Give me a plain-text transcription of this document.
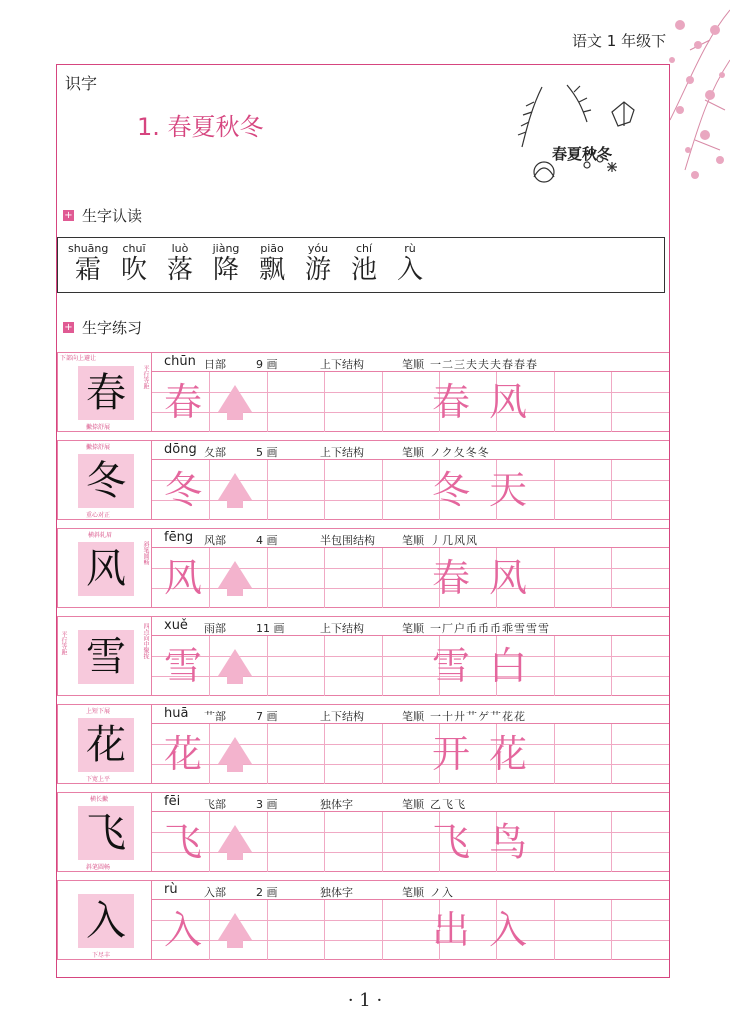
语文 1 年级下
识字
1. 春夏秋冬
春夏秋冬
+ 生字认读
shuāng
霜
chuī
吹
luò
落
jiàng
降
piāo
飘
yóu
游
chí
池
rù
入
+ 生字练习
下部向上避让
平行等距
撇捺舒展
春
chūn 日部	9 画	上下结构	笔顺 一二三夫夫夫春春春
春	春 风
撇捺舒展
重心对正
冬
dōng 夂部	5 画	上下结构	笔顺 ノク夂冬冬
冬	冬 天
横斜轧眉
斜笔圆畅
风
fēng 风部	4 画	半包围结构 笔顺 丿几风风
风	春 风
平行等距	四点向中聚拢
雪
xuě 雨部	11 画	上下结构	笔顺 一厂户币币币乖雪雪雪
雪	雪 白
上短下展
下宽上平
花
huā 艹部	7 画	上下结构	笔顺 一十廾艹ゲ艹花花
花	开 花
横长撇
斜笔圆畅
飞
fēi 飞部	3 画	独体字	笔顺 乙飞飞
飞	飞 鸟
下尽丰
入
rù 入部	2 画	独体字	笔顺 ノ入
入	出 入
· 1 ·
